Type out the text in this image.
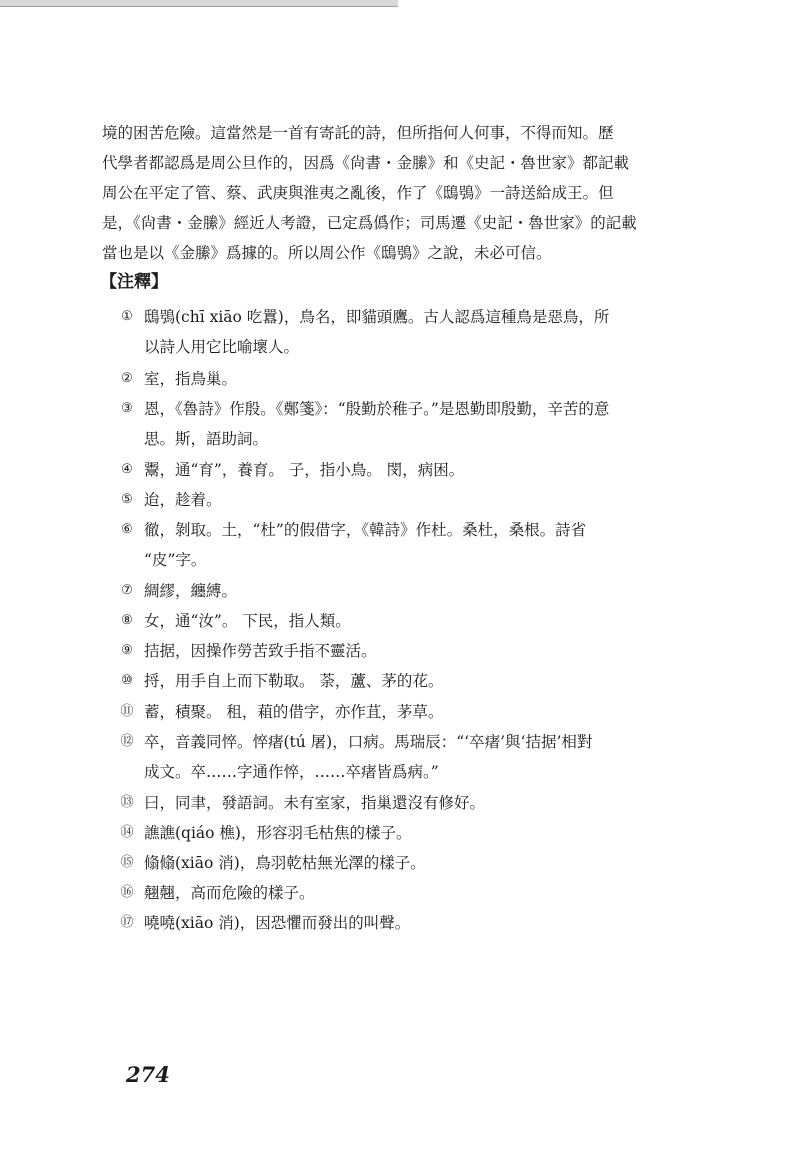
境的困苦危險。這當然是一首有寄託的詩，但所指何人何事，不得而知。歷
代學者都認爲是周公旦作的，因爲《尙書・金縢》和《史記・魯世家》都記載
周公在平定了管、蔡、武庚與淮夷之亂後，作了《鴟鴞》一詩送給成王。但
是，《尙書・金縢》經近人考證，已定爲僞作；司馬遷《史記・魯世家》的記載
當也是以《金縢》爲據的。所以周公作《鴟鴞》之說，未必可信。
【注釋】
① 鴟鴞(chī xiāo 吃囂)，鳥名，即貓頭鷹。古人認爲這種鳥是惡鳥，所
以詩人用它比喻壞人。
② 室，指鳥巢。
③ 恩，《魯詩》作殷。《鄭箋》：“殷勤於稚子。”是恩勤即殷勤，辛苦的意
思。斯，語助詞。
④ 鬻，通“育”，養育。 子，指小鳥。 閔，病困。
⑤ 迨，趁着。
⑥ 徹，剝取。土，“杜”的假借字，《韓詩》作杜。桑杜，桑根。詩省
“皮”字。
⑦ 綢繆，纏縛。
⑧ 女，通“汝”。 下民，指人類。
⑨ 拮据，因操作勞苦致手指不靈活。
⑩ 捋，用手自上而下勒取。 荼，蘆、茅的花。
⑪ 蓄，積聚。 租，蒩的借字，亦作苴，茅草。
⑫ 卒，音義同悴。悴瘏(tú 屠)，口病。馬瑞辰：“‘卒瘏’與‘拮据’相對
成文。卒……字通作悴，……卒瘏皆爲病。”
⑬ 曰，同聿，發語詞。未有室家，指巢還沒有修好。
⑭ 譙譙(qiáo 樵)，形容羽毛枯焦的樣子。
⑮ 翛翛(xiāo 消)，鳥羽乾枯無光澤的樣子。
⑯ 翹翹，高而危險的樣子。
⑰ 嘵嘵(xiāo 消)，因恐懼而發出的叫聲。
274
